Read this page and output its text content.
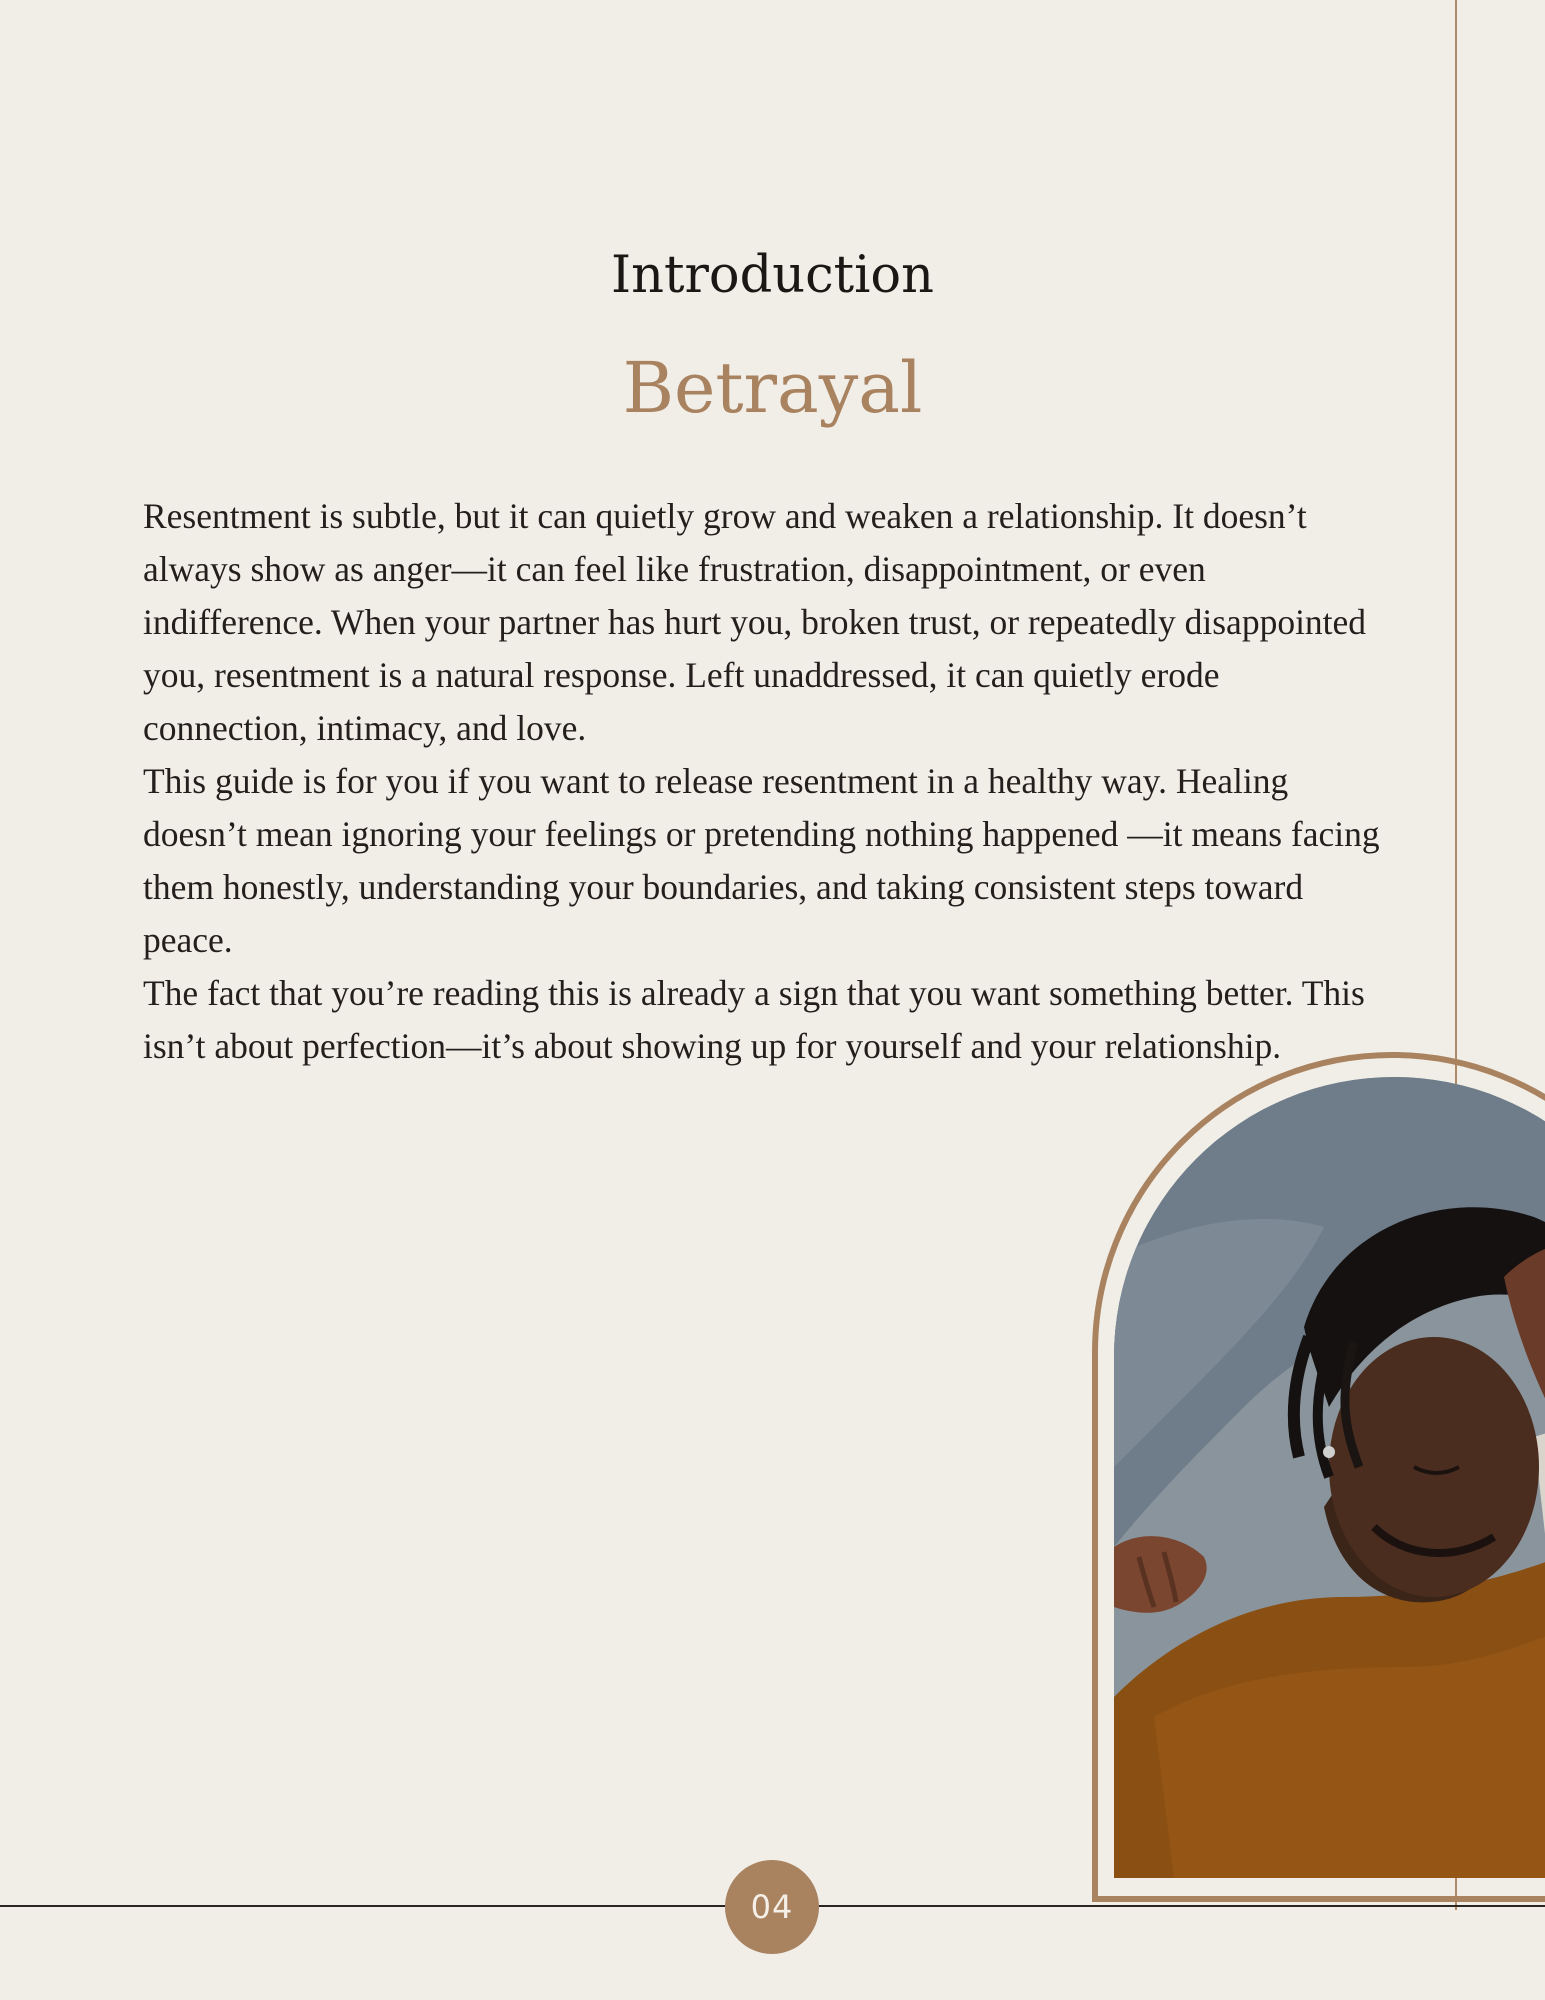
Introduction
Betrayal

Resentment is subtle, but it can quietly grow and weaken a relationship. It doesn’t always show as anger—it can feel like frustration, disappointment, or even indifference. When your partner has hurt you, broken trust, or repeatedly disappointed you, resentment is a natural response. Left unaddressed, it can quietly erode connection, intimacy, and love.

This guide is for you if you want to release resentment in a healthy way. Healing doesn’t mean ignoring your feelings or pretending nothing happened —it means facing them honestly, understanding your boundaries, and taking consistent steps toward peace.

The fact that you’re reading this is already a sign that you want something better. This isn’t about perfection—it’s about showing up for yourself and your relationship.

04
